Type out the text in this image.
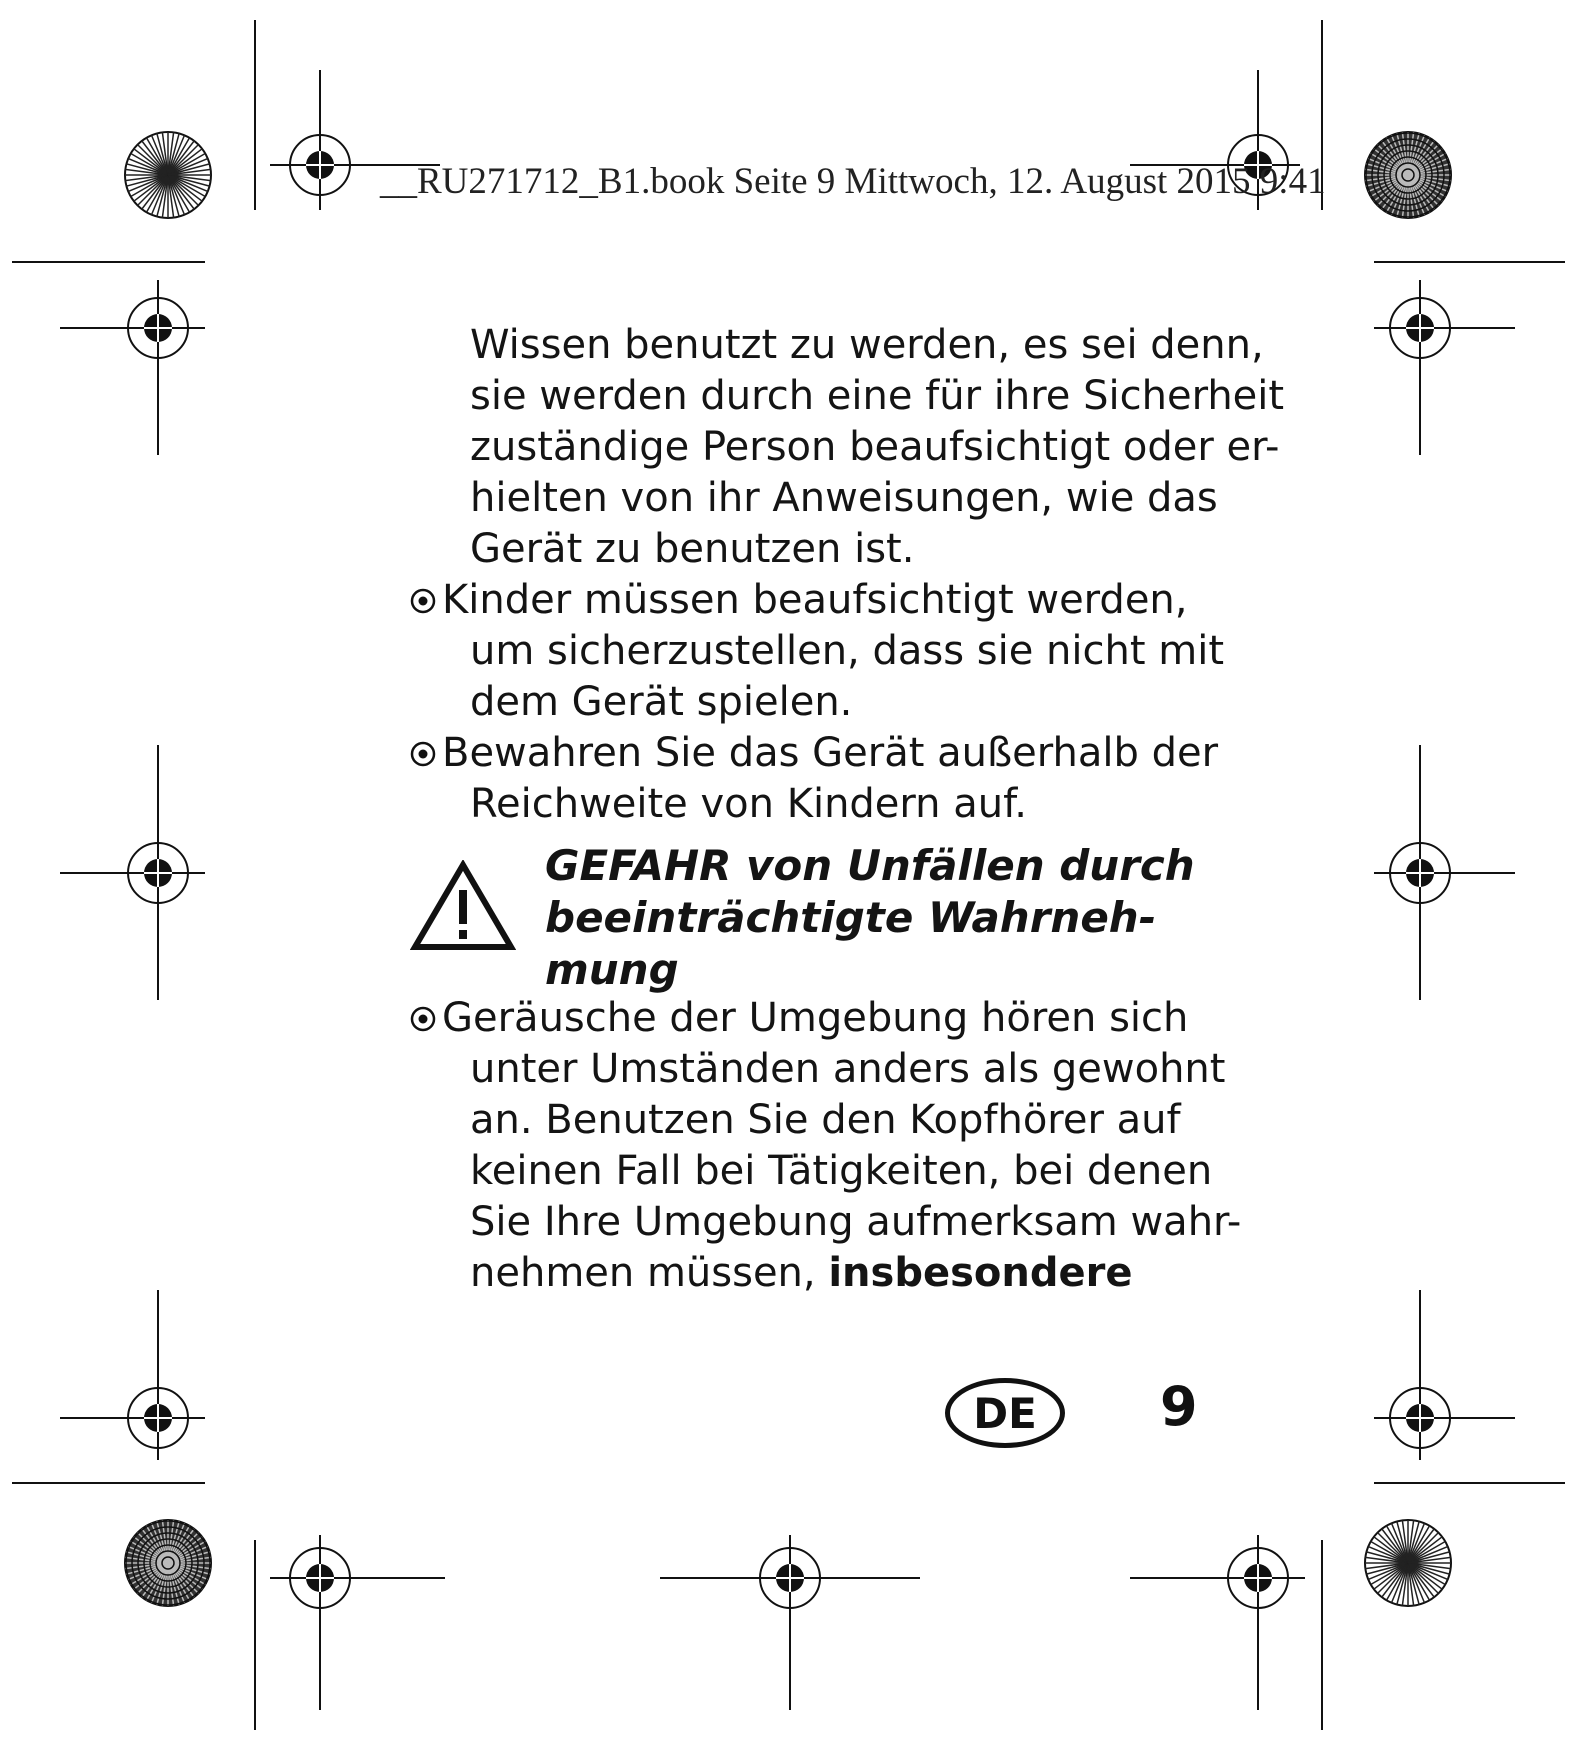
__RU271712_B1.book Seite 9 Mittwoch, 12. August 2015 9:41
Wissen benutzt zu werden, es sei denn,
sie werden durch eine für ihre Sicherheit
zuständige Person beaufsichtigt oder er-
hielten von ihr Anweisungen, wie das
Gerät zu benutzen ist.
Kinder müssen beaufsichtigt werden,
um sicherzustellen, dass sie nicht mit
dem Gerät spielen.
Bewahren Sie das Gerät außerhalb der
Reichweite von Kindern auf.
GEFAHR von Unfällen durch
beeinträchtigte Wahrneh-
mung
Geräusche der Umgebung hören sich
unter Umständen anders als gewohnt
an. Benutzen Sie den Kopfhörer auf
keinen Fall bei Tätigkeiten, bei denen
Sie Ihre Umgebung aufmerksam wahr-
nehmen müssen, insbesondere
DE	9
